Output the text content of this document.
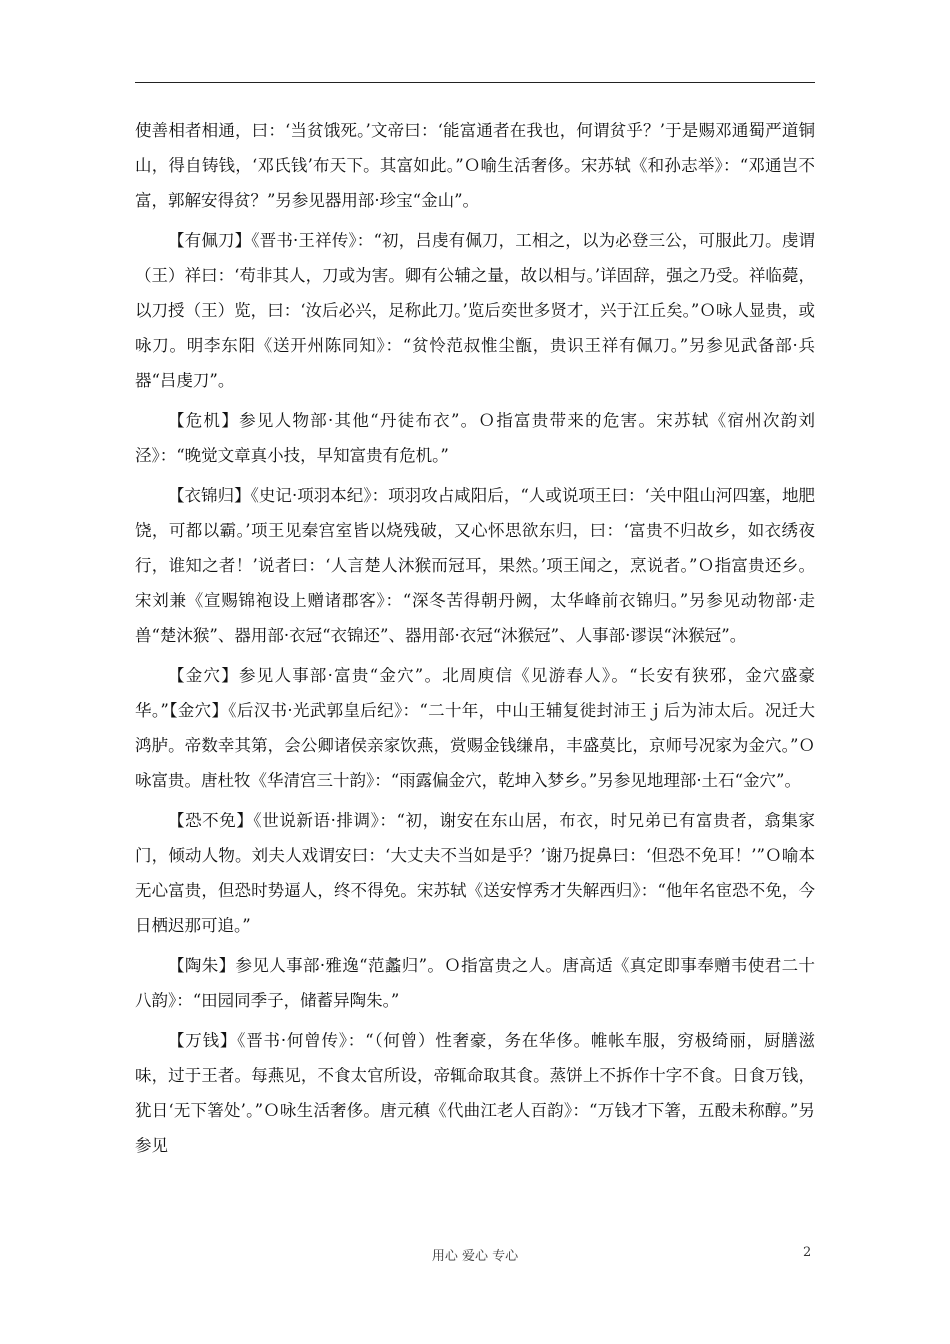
使善相者相通，曰：‘当贫饿死。’文帝曰：‘能富通者在我也，何谓贫乎？’于是赐邓通蜀严道铜山，得自铸钱，‘邓氏钱’布天下。其富如此。”Ｏ喻生活奢侈。宋苏轼《和孙志举》：“邓通岂不富，郭解安得贫？”另参见器用部·珍宝“金山”。

【有佩刀】《晋书·王祥传》：“初，吕虔有佩刀，工相之，以为必登三公，可服此刀。虔谓（王）祥曰：‘苟非其人，刀或为害。卿有公辅之量，故以相与。’详固辞，强之乃受。祥临薨，以刀授（王）览，曰：‘汝后必兴，足称此刀。’览后奕世多贤才，兴于江丘矣。”Ｏ咏人显贵，或咏刀。明李东阳《送开州陈同知》：“贫怜范叔惟尘甑，贵识王祥有佩刀。”另参见武备部·兵器“吕虔刀”。

【危机】参见人物部·其他“丹徒布衣”。Ｏ指富贵带来的危害。宋苏轼《宿州次韵刘泾》：“晚觉文章真小技，早知富贵有危机。”

【衣锦归】《史记·项羽本纪》：项羽攻占咸阳后，“人或说项王曰：‘关中阻山河四塞，地肥饶，可都以霸。’项王见秦宫室皆以烧残破，又心怀思欲东归，曰：‘富贵不归故乡，如衣绣夜行，谁知之者！’说者曰：‘人言楚人沐猴而冠耳，果然。’项王闻之，烹说者。”Ｏ指富贵还乡。宋刘兼《宣赐锦袍设上赠诸郡客》：“深冬苦得朝丹阙，太华峰前衣锦归。”另参见动物部·走兽“楚沐猴”、器用部·衣冠“衣锦还”、器用部·衣冠“沐猴冠”、人事部·谬误“沐猴冠”。

【金穴】参见人事部·富贵“金穴”。北周庾信《见游春人》。“长安有狭邪，金穴盛豪华。”【金穴】《后汉书·光武郭皇后纪》：“二十年，中山王辅复徙封沛王ｊ后为沛太后。况迁大鸿胪。帝数幸其第，会公卿诸侯亲家饮燕，赏赐金钱缣帛，丰盛莫比，京师号况家为金穴。”Ｏ咏富贵。唐杜牧《华清宫三十韵》：“雨露偏金穴，乾坤入梦乡。”另参见地理部·土石“金穴”。

【恐不免】《世说新语·排调》：“初，谢安在东山居，布衣，时兄弟已有富贵者，翕集家门，倾动人物。刘夫人戏谓安曰：‘大丈夫不当如是乎？’谢乃捉鼻曰：‘但恐不免耳！’”Ｏ喻本无心富贵，但恐时势逼人，终不得免。宋苏轼《送安惇秀才失解西归》：“他年名宦恐不免，今日栖迟那可追。”

【陶朱】参见人事部·雅逸“范蠡归”。Ｏ指富贵之人。唐高适《真定即事奉赠韦使君二十八韵》：“田园同季子，储蓄异陶朱。”

【万钱】《晋书·何曾传》：“（何曾）性奢豪，务在华侈。帷帐车服，穷极绮丽，厨膳滋味，过于王者。每燕见，不食太官所设，帝辄命取其食。蒸饼上不拆作十字不食。日食万钱，犹日‘无下箸处’。”Ｏ咏生活奢侈。唐元稹《代曲江老人百韵》：“万钱才下箸，五酘未称醇。”另参见

用心 爱心 专心	2
